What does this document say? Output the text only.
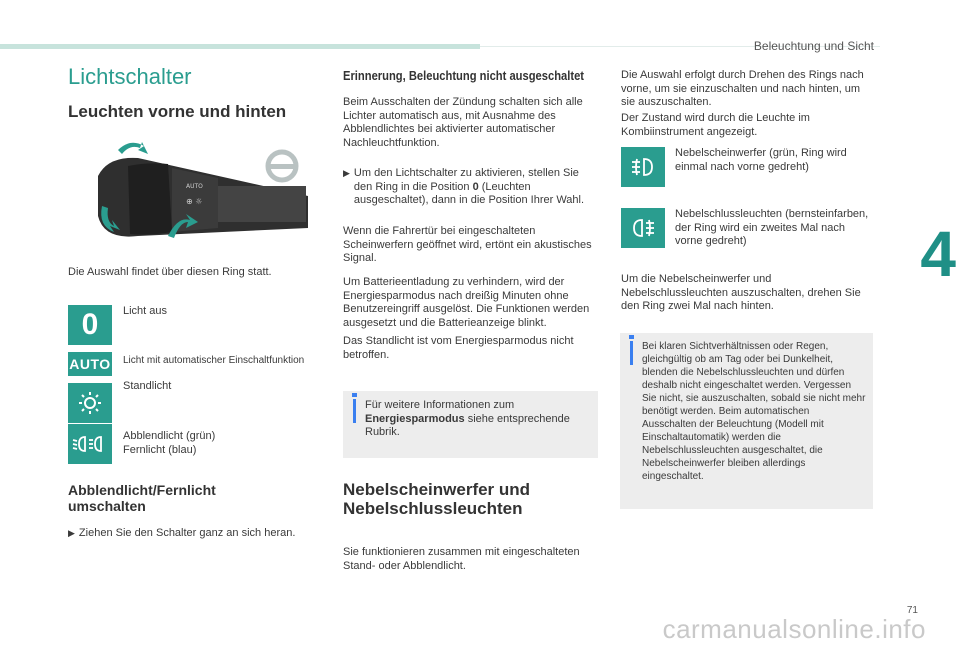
Beleuchtung und Sicht
4
71
carmanualsonline.info
Lichtschalter
Leuchten vorne und hinten
AUTO
⊕ ☼
Die Auswahl findet über diesen Ring statt.
0 Licht aus
AUTO Licht mit automatischer Einschaltfunktion
Standlicht
Abblendlicht (grün)
Fernlicht (blau)
Abblendlicht/Fernlicht
umschalten
▶ Ziehen Sie den Schalter ganz an sich heran.
Erinnerung, Beleuchtung nicht ausgeschaltet
Beim Ausschalten der Zündung schalten sich alle Lichter automatisch aus, mit Ausnahme des Abblendlichtes bei aktivierter automatischer Nachleuchtfunktion.
▶ Um den Lichtschalter zu aktivieren, stellen Sie den Ring in die Position 0 (Leuchten ausgeschaltet), dann in die Position Ihrer Wahl.
Wenn die Fahrertür bei eingeschalteten Scheinwerfern geöffnet wird, ertönt ein akustisches Signal.
Um Batterieentladung zu verhindern, wird der Energiesparmodus nach dreißig Minuten ohne Benutzereingriff ausgelöst. Die Funktionen werden ausgesetzt und die Batterieanzeige blinkt.
Das Standlicht ist vom Energiesparmodus nicht betroffen.
Für weitere Informationen zum Energiesparmodus siehe entsprechende Rubrik.
Nebelscheinwerfer und
Nebelschlussleuchten
Sie funktionieren zusammen mit eingeschalteten Stand- oder Abblendlicht.
Die Auswahl erfolgt durch Drehen des Rings nach vorne, um sie einzuschalten und nach hinten, um sie auszuschalten.
Der Zustand wird durch die Leuchte im Kombiinstrument angezeigt.
Nebelscheinwerfer (grün, Ring wird einmal nach vorne gedreht)
Nebelschlussleuchten (bernsteinfarben, der Ring wird ein zweites Mal nach vorne gedreht)
Um die Nebelscheinwerfer und Nebelschlussleuchten auszuschalten, drehen Sie den Ring zwei Mal nach hinten.
Bei klaren Sichtverhältnissen oder Regen, gleichgültig ob am Tag oder bei Dunkelheit, blenden die Nebelschlussleuchten und dürfen deshalb nicht eingeschaltet werden. Vergessen Sie nicht, sie auszuschalten, sobald sie nicht mehr benötigt werden. Beim automatischen Ausschalten der Beleuchtung (Modell mit Einschaltautomatik) werden die Nebelschlussleuchten ausgeschaltet, die Nebelscheinwerfer bleiben allerdings eingeschaltet.
